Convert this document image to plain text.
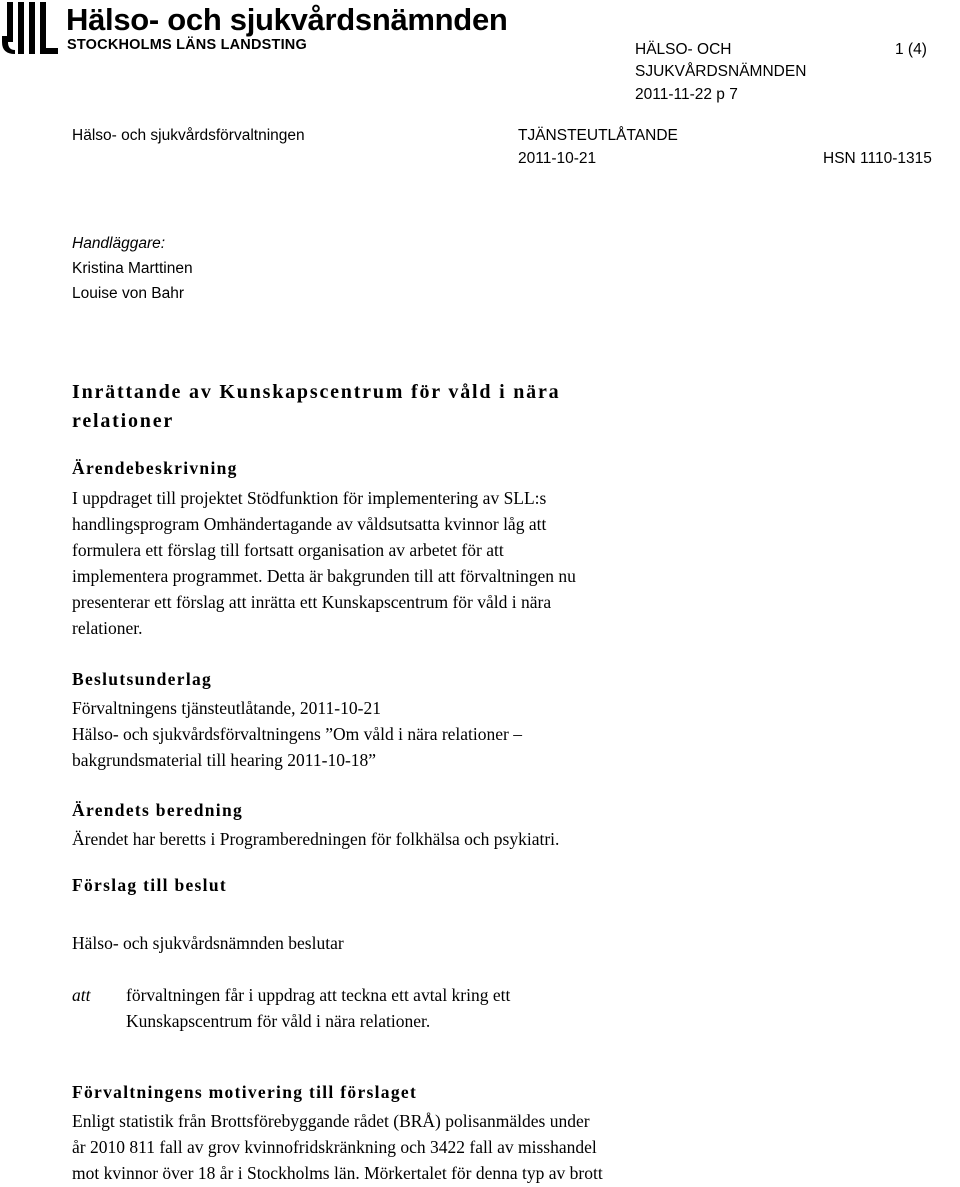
Hälso- och sjukvårdsnämnden
STOCKHOLMS LÄNS LANDSTING	HÄLSO- OCH
SJUKVÅRDSNÄMNDEN
2011-11-22 p 7
1 (4)
Hälso- och sjukvårdsförvaltningen	TJÄNSTEUTLÅTANDE
2011-10-21	HSN 1110-1315
Handläggare:
Kristina Marttinen
Louise von Bahr
Inrättande av Kunskapscentrum för våld i nära
relationer
Ärendebeskrivning
I uppdraget till projektet Stödfunktion för implementering av SLL:s
handlingsprogram Omhändertagande av våldsutsatta kvinnor låg att
formulera ett förslag till fortsatt organisation av arbetet för att
implementera programmet. Detta är bakgrunden till att förvaltningen nu
presenterar ett förslag att inrätta ett Kunskapscentrum för våld i nära
relationer.
Beslutsunderlag
Förvaltningens tjänsteutlåtande, 2011-10-21
Hälso- och sjukvårdsförvaltningens ”Om våld i nära relationer –
bakgrundsmaterial till hearing 2011-10-18”
Ärendets beredning
Ärendet har beretts i Programberedningen för folkhälsa och psykiatri.
Förslag till beslut
Hälso- och sjukvårdsnämnden beslutar
att förvaltningen får i uppdrag att teckna ett avtal kring ett
Kunskapscentrum för våld i nära relationer.
Förvaltningens motivering till förslaget
Enligt statistik från Brottsförebyggande rådet (BRÅ) polisanmäldes under
år 2010 811 fall av grov kvinnofridskränkning och 3422 fall av misshandel
mot kvinnor över 18 år i Stockholms län. Mörkertalet för denna typ av brott
